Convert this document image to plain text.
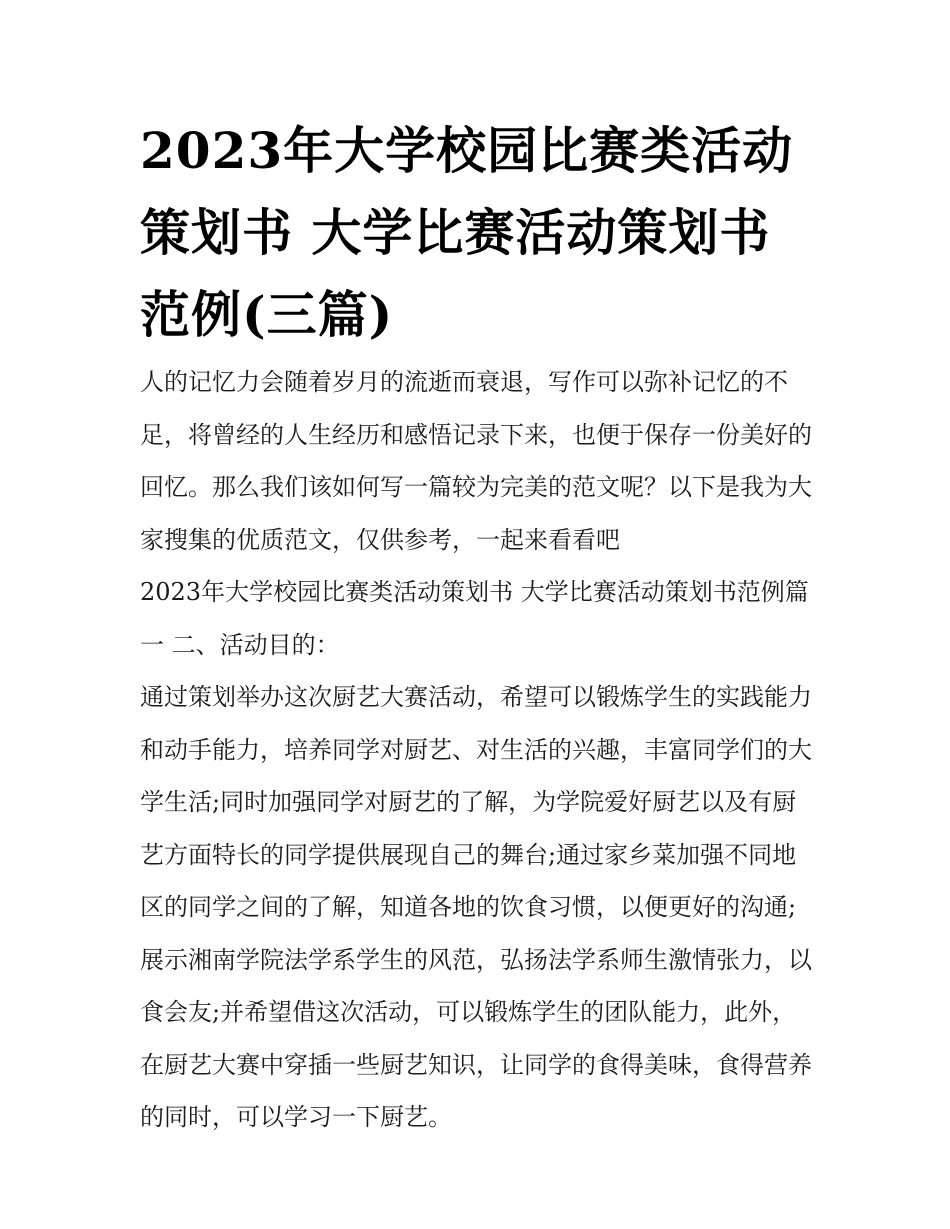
2023年大学校园比赛类活动策划书 大学比赛活动策划书范例(三篇)

人的记忆力会随着岁月的流逝而衰退，写作可以弥补记忆的不足，将曾经的人生经历和感悟记录下来，也便于保存一份美好的回忆。那么我们该如何写一篇较为完美的范文呢？以下是我为大家搜集的优质范文，仅供参考，一起来看看吧

2023年大学校园比赛类活动策划书 大学比赛活动策划书范例篇一 二、活动目的：

通过策划举办这次厨艺大赛活动，希望可以锻炼学生的实践能力和动手能力，培养同学对厨艺、对生活的兴趣，丰富同学们的大学生活;同时加强同学对厨艺的了解，为学院爱好厨艺以及有厨艺方面特长的同学提供展现自己的舞台;通过家乡菜加强不同地区的同学之间的了解，知道各地的饮食习惯，以便更好的沟通;展示湘南学院法学系学生的风范，弘扬法学系师生激情张力，以食会友;并希望借这次活动，可以锻炼学生的团队能力，此外，在厨艺大赛中穿插一些厨艺知识，让同学的食得美味，食得营养的同时，可以学习一下厨艺。
